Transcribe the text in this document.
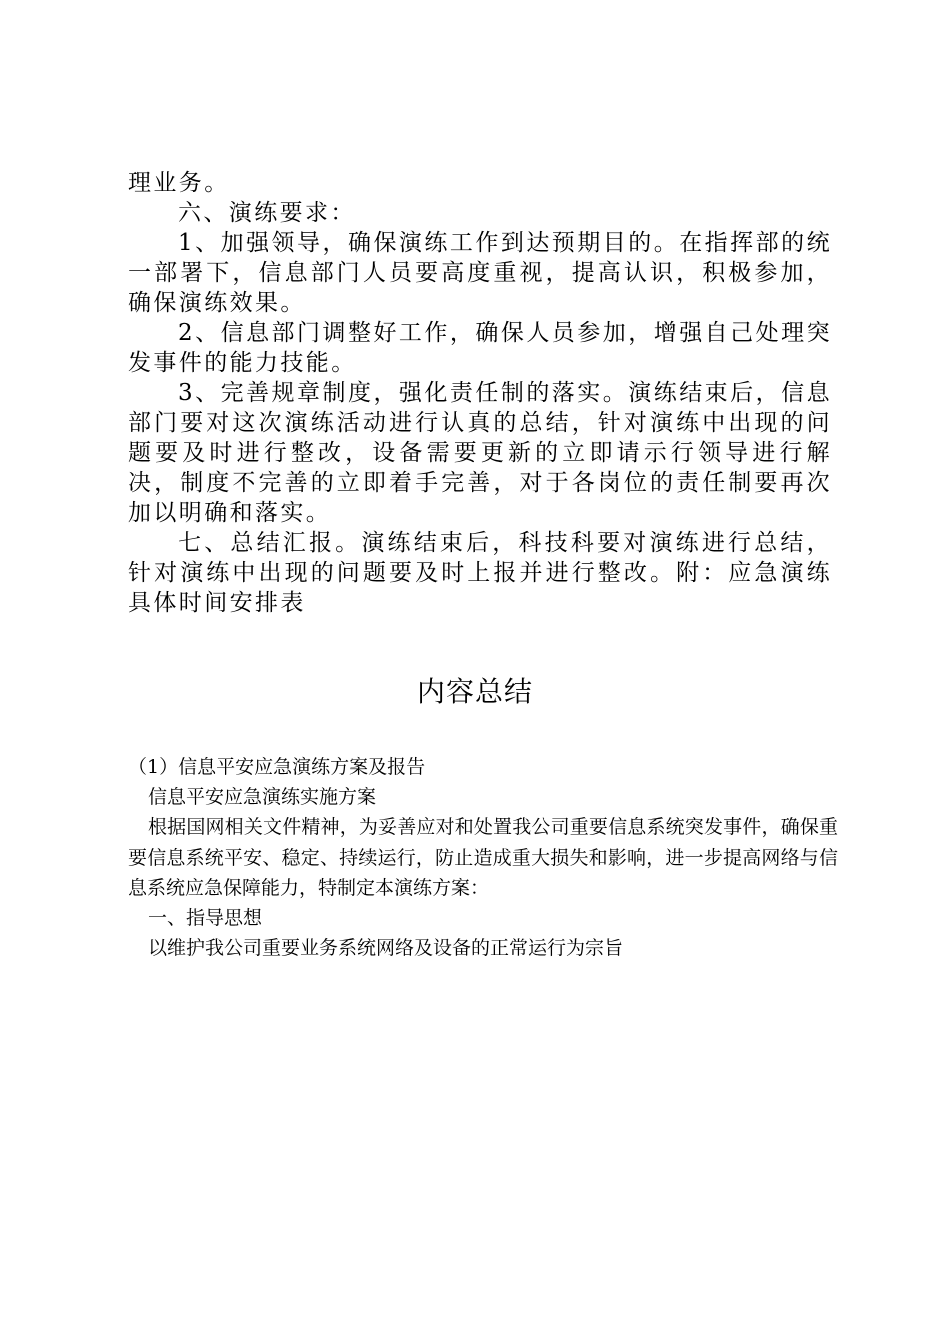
理业务。

六、演练要求：

1、加强领导，确保演练工作到达预期目的。在指挥部的统一部署下，信息部门人员要高度重视，提高认识，积极参加，确保演练效果。

2、信息部门调整好工作，确保人员参加，增强自己处理突发事件的能力技能。

3、完善规章制度，强化责任制的落实。演练结束后，信息部门要对这次演练活动进行认真的总结，针对演练中出现的问题要及时进行整改，设备需要更新的立即请示行领导进行解决，制度不完善的立即着手完善，对于各岗位的责任制要再次加以明确和落实。

七、总结汇报。演练结束后，科技科要对演练进行总结，针对演练中出现的问题要及时上报并进行整改。附：应急演练具体时间安排表

内容总结

（1）信息平安应急演练方案及报告

信息平安应急演练实施方案

根据国网相关文件精神，为妥善应对和处置我公司重要信息系统突发事件，确保重要信息系统平安、稳定、持续运行，防止造成重大损失和影响，进一步提高网络与信息系统应急保障能力，特制定本演练方案：

一、指导思想

以维护我公司重要业务系统网络及设备的正常运行为宗旨
